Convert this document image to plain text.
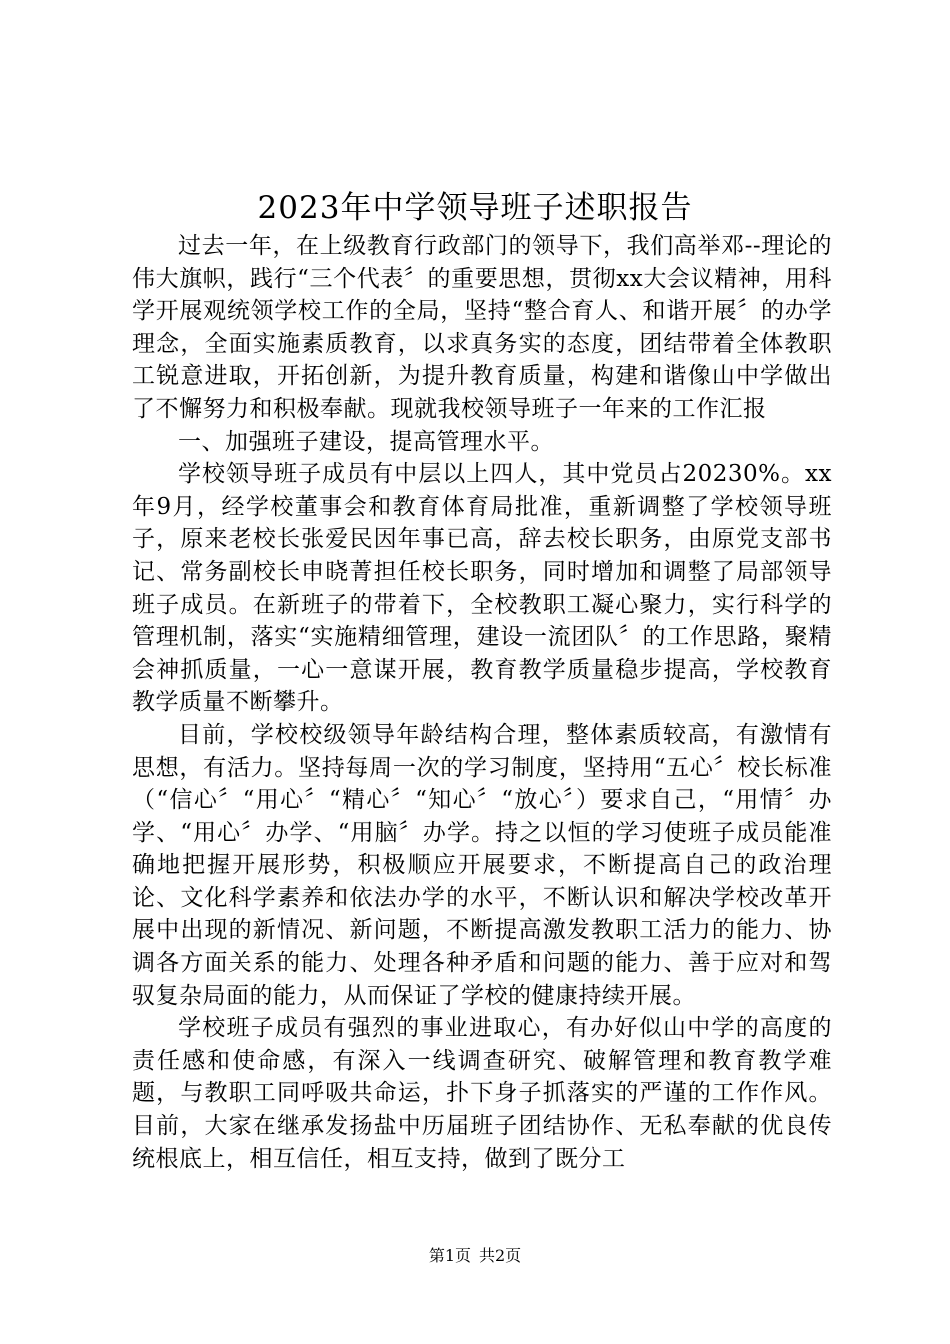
2023年中学领导班子述职报告

过去一年，在上级教育行政部门的领导下，我们高举邓--理论的伟大旗帜，践行“三个代表〞的重要思想，贯彻xx大会议精神，用科学开展观统领学校工作的全局，坚持“整合育人、和谐开展〞的办学理念，全面实施素质教育，以求真务实的态度，团结带着全体教职工锐意进取，开拓创新，为提升教育质量，构建和谐像山中学做出了不懈努力和积极奉献。现就我校领导班子一年来的工作汇报

一、加强班子建设，提高管理水平。

学校领导班子成员有中层以上四人，其中党员占20230%。xx年9月，经学校董事会和教育体育局批准，重新调整了学校领导班子，原来老校长张爱民因年事已高，辞去校长职务，由原党支部书记、常务副校长申晓菁担任校长职务，同时增加和调整了局部领导班子成员。在新班子的带着下，全校教职工凝心聚力，实行科学的管理机制，落实“实施精细管理，建设一流团队〞的工作思路，聚精会神抓质量，一心一意谋开展，教育教学质量稳步提高，学校教育教学质量不断攀升。

目前，学校校级领导年龄结构合理，整体素质较高，有激情有思想，有活力。坚持每周一次的学习制度，坚持用“五心〞校长标准（“信心〞“用心〞“精心〞“知心〞“放心〞）要求自己，“用情〞办学、“用心〞办学、“用脑〞办学。持之以恒的学习使班子成员能准确地把握开展形势，积极顺应开展要求，不断提高自己的政治理论、文化科学素养和依法办学的水平，不断认识和解决学校改革开展中出现的新情况、新问题，不断提高激发教职工活力的能力、协调各方面关系的能力、处理各种矛盾和问题的能力、善于应对和驾驭复杂局面的能力，从而保证了学校的健康持续开展。

学校班子成员有强烈的事业进取心，有办好似山中学的高度的责任感和使命感，有深入一线调查研究、破解管理和教育教学难题，与教职工同呼吸共命运，扑下身子抓落实的严谨的工作作风。目前，大家在继承发扬盐中历届班子团结协作、无私奉献的优良传统根底上，相互信任，相互支持，做到了既分工

第1页 共2页
